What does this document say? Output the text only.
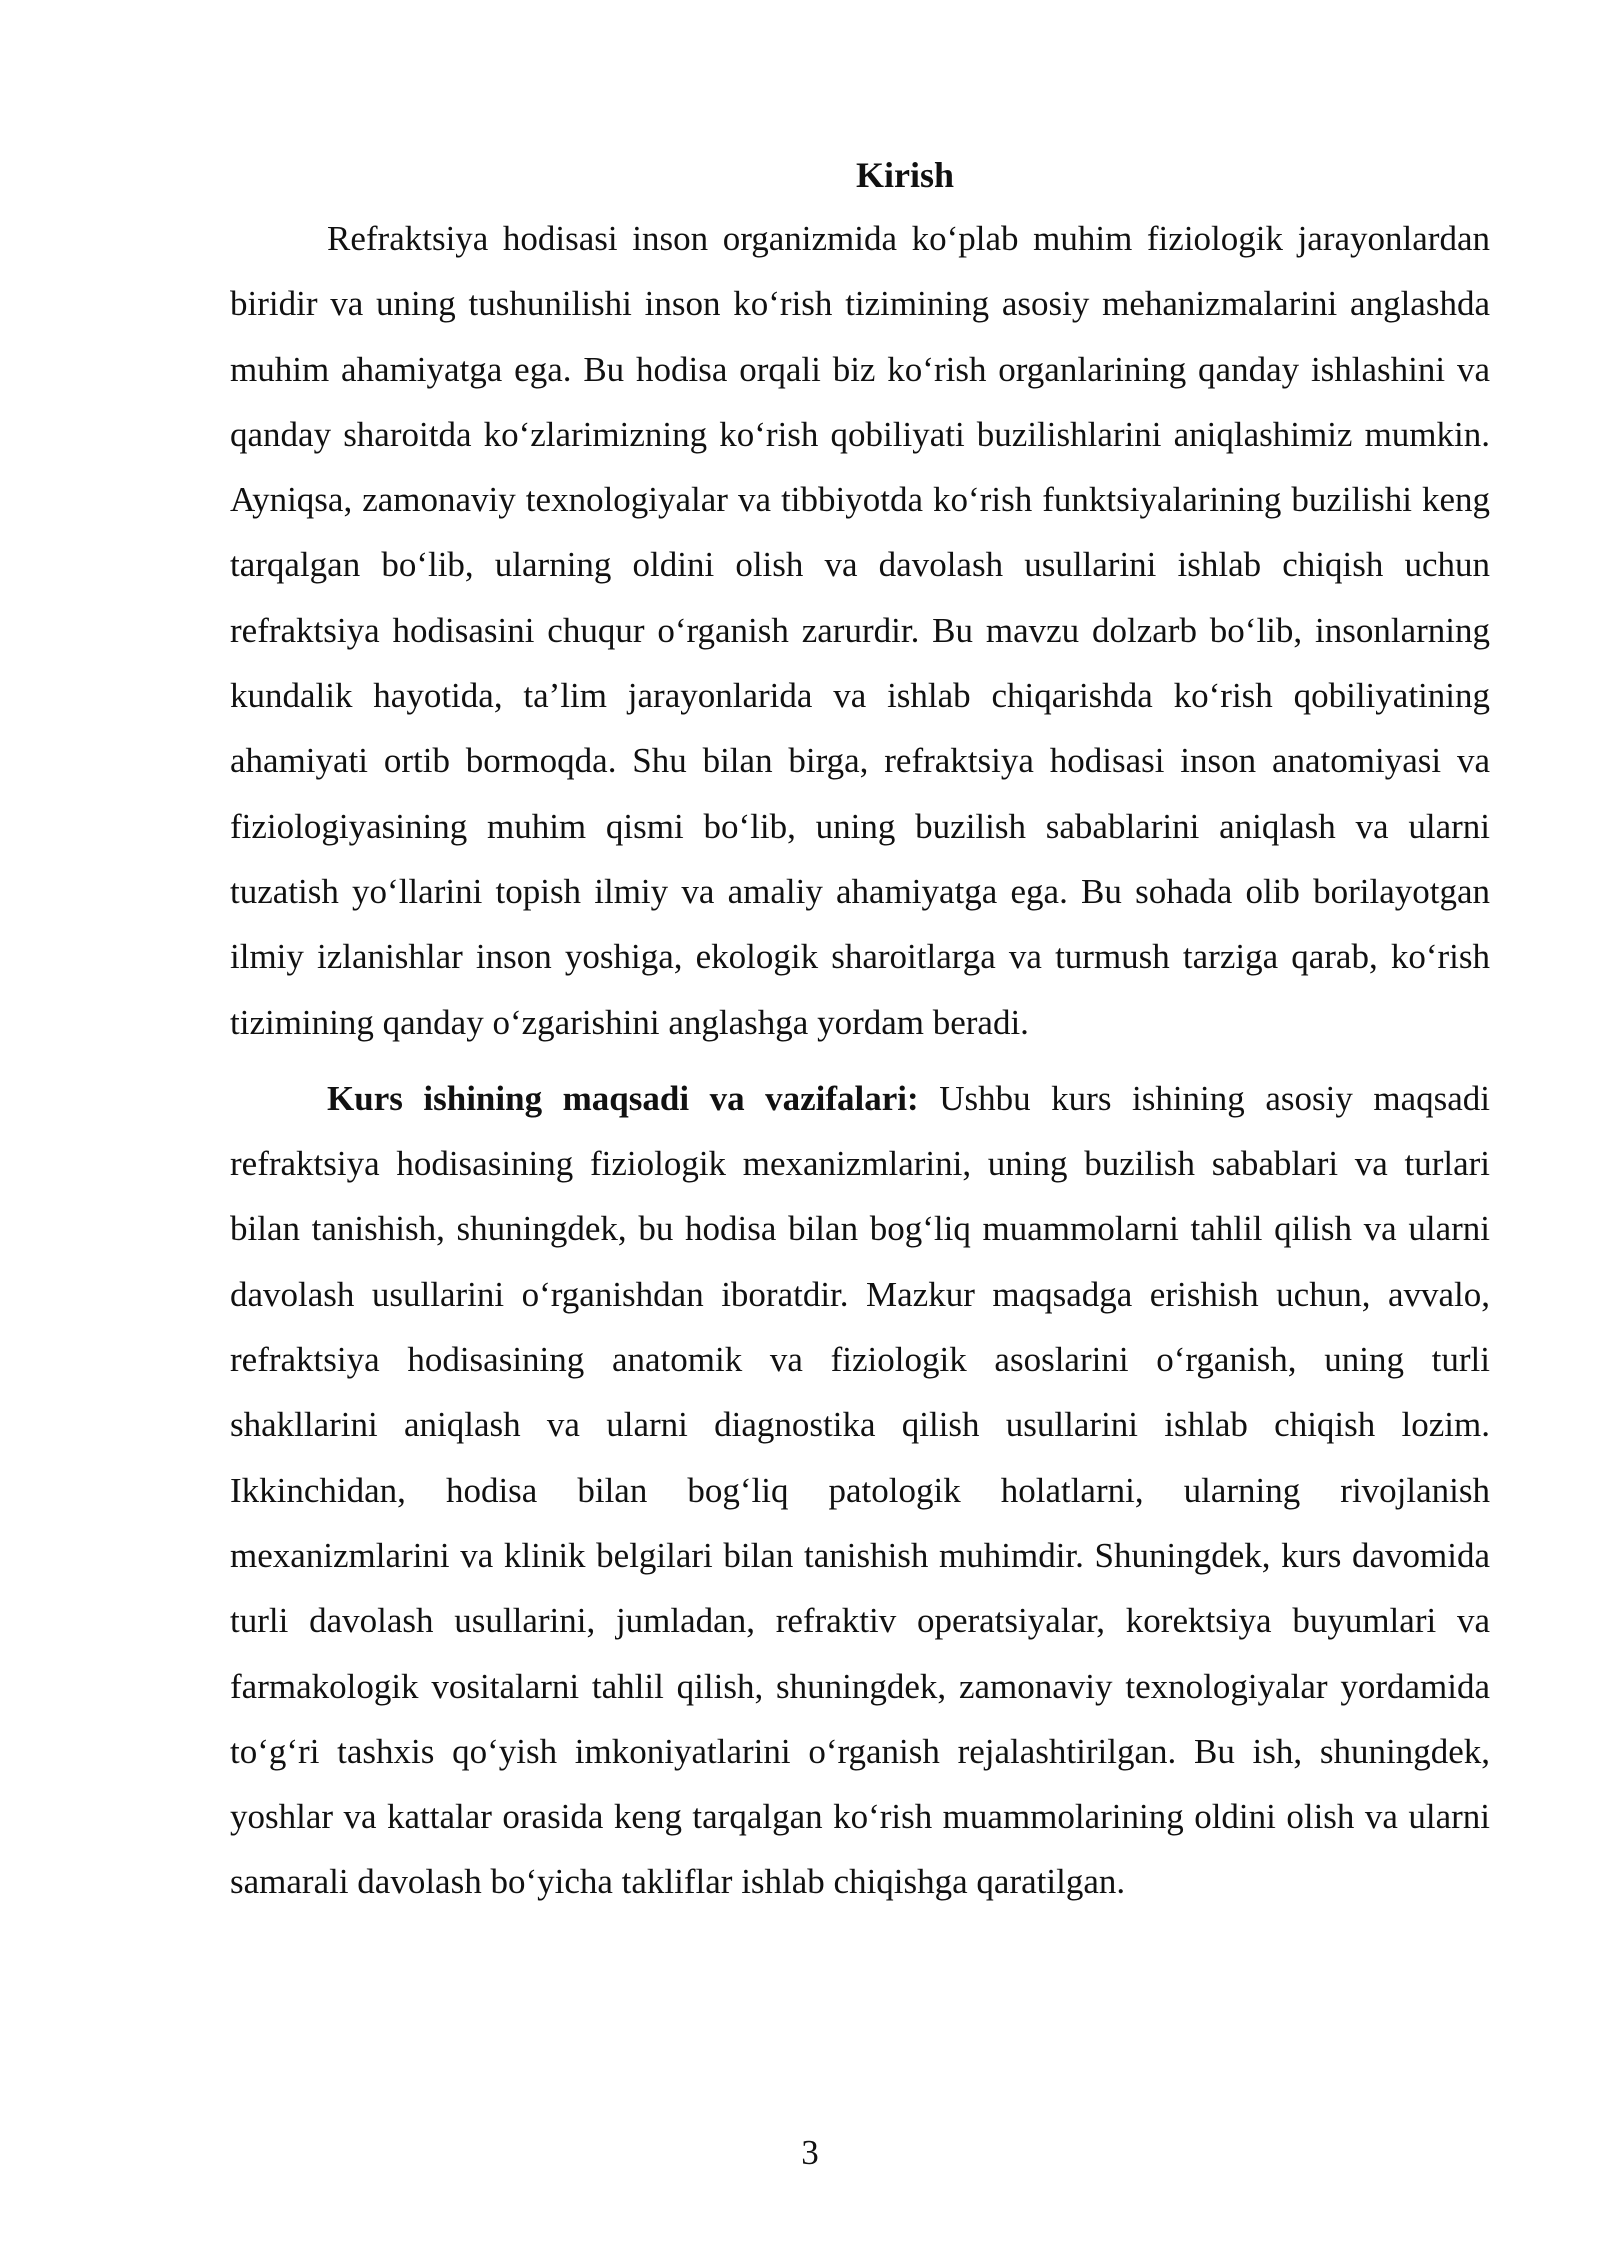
Kirish

Refraktsiya hodisasi inson organizmida ko‘plab muhim fiziologik jarayonlardan biridir va uning tushunilishi inson ko‘rish tizimining asosiy mehanizmalarini anglashda muhim ahamiyatga ega. Bu hodisa orqali biz ko‘rish organlarining qanday ishlashini va qanday sharoitda ko‘zlarimizning ko‘rish qobiliyati buzilishlarini aniqlashimiz mumkin. Ayniqsa, zamonaviy texnologiyalar va tibbiyotda ko‘rish funktsiyalarining buzilishi keng tarqalgan bo‘lib, ularning oldini olish va davolash usullarini ishlab chiqish uchun refraktsiya hodisasini chuqur o‘rganish zarurdir. Bu mavzu dolzarb bo‘lib, insonlarning kundalik hayotida, ta’lim jarayonlarida va ishlab chiqarishda ko‘rish qobiliyatining ahamiyati ortib bormoqda. Shu bilan birga, refraktsiya hodisasi inson anatomiyasi va fiziologiyasining muhim qismi bo‘lib, uning buzilish sabablarini aniqlash va ularni tuzatish yo‘llarini topish ilmiy va amaliy ahamiyatga ega. Bu sohada olib borilayotgan ilmiy izlanishlar inson yoshiga, ekologik sharoitlarga va turmush tarziga qarab, ko‘rish tizimining qanday o‘zgarishini anglashga yordam beradi.

Kurs ishining maqsadi va vazifalari: Ushbu kurs ishining asosiy maqsadi refraktsiya hodisasining fiziologik mexanizmlarini, uning buzilish sabablari va turlari bilan tanishish, shuningdek, bu hodisa bilan bog‘liq muammolarni tahlil qilish va ularni davolash usullarini o‘rganishdan iboratdir. Mazkur maqsadga erishish uchun, avvalo, refraktsiya hodisasining anatomik va fiziologik asoslarini o‘rganish, uning turli shakllarini aniqlash va ularni diagnostika qilish usullarini ishlab chiqish lozim. Ikkinchidan, hodisa bilan bog‘liq patologik holatlarni, ularning rivojlanish mexanizmlarini va klinik belgilari bilan tanishish muhimdir. Shuningdek, kurs davomida turli davolash usullarini, jumladan, refraktiv operatsiyalar, korektsiya buyumlari va farmakologik vositalarni tahlil qilish, shuningdek, zamonaviy texnologiyalar yordamida to‘g‘ri tashxis qo‘yish imkoniyatlarini o‘rganish rejalashtirilgan. Bu ish, shuningdek, yoshlar va kattalar orasida keng tarqalgan ko‘rish muammolarining oldini olish va ularni samarali davolash bo‘yicha takliflar ishlab chiqishga qaratilgan.

3
